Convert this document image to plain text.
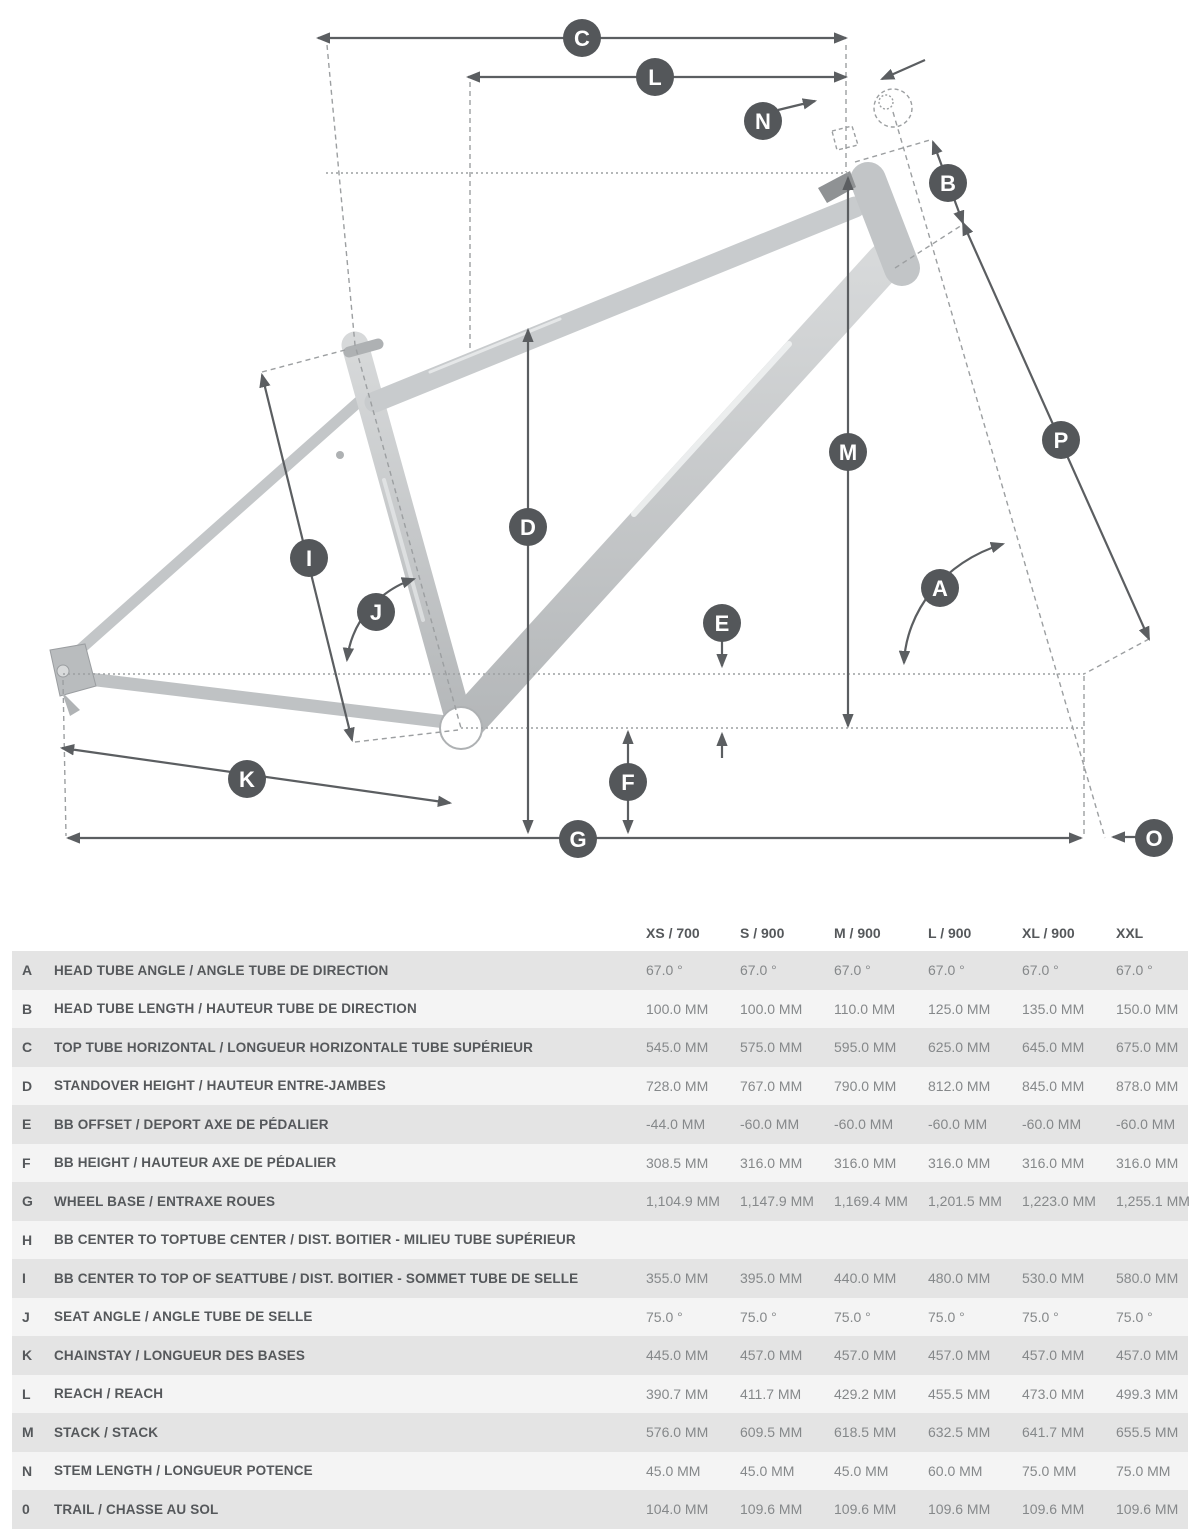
C
L
N
B
P
M
D
A
I
J	E
K	F
G	O
XS / 700	S / 900	M / 900	L / 900	XL / 900	XXL
A	HEAD TUBE ANGLE / ANGLE TUBE DE DIRECTION	67.0 °	67.0 °	67.0 °	67.0 °	67.0 °	67.0 °
B	HEAD TUBE LENGTH / HAUTEUR TUBE DE DIRECTION	100.0 MM	100.0 MM	110.0 MM	125.0 MM	135.0 MM	150.0 MM
C	TOP TUBE HORIZONTAL / LONGUEUR HORIZONTALE TUBE SUPÉRIEUR	545.0 MM	575.0 MM	595.0 MM	625.0 MM	645.0 MM	675.0 MM
D	STANDOVER HEIGHT / HAUTEUR ENTRE-JAMBES	728.0 MM	767.0 MM	790.0 MM	812.0 MM	845.0 MM	878.0 MM
E	BB OFFSET / DEPORT AXE DE PÉDALIER	-44.0 MM	-60.0 MM	-60.0 MM	-60.0 MM	-60.0 MM	-60.0 MM
F	BB HEIGHT / HAUTEUR AXE DE PÉDALIER	308.5 MM	316.0 MM	316.0 MM	316.0 MM	316.0 MM	316.0 MM
G	WHEEL BASE / ENTRAXE ROUES	1,104.9 MM	1,147.9 MM	1,169.4 MM	1,201.5 MM	1,223.0 MM	1,255.1 MM
H	BB CENTER TO TOPTUBE CENTER / DIST. BOITIER - MILIEU TUBE SUPÉRIEUR
I	BB CENTER TO TOP OF SEATTUBE / DIST. BOITIER - SOMMET TUBE DE SELLE	355.0 MM	395.0 MM	440.0 MM	480.0 MM	530.0 MM	580.0 MM
J	SEAT ANGLE / ANGLE TUBE DE SELLE	75.0 °	75.0 °	75.0 °	75.0 °	75.0 °	75.0 °
K	CHAINSTAY / LONGUEUR DES BASES	445.0 MM	457.0 MM	457.0 MM	457.0 MM	457.0 MM	457.0 MM
L	REACH / REACH	390.7 MM	411.7 MM	429.2 MM	455.5 MM	473.0 MM	499.3 MM
M	STACK / STACK	576.0 MM	609.5 MM	618.5 MM	632.5 MM	641.7 MM	655.5 MM
N	STEM LENGTH / LONGUEUR POTENCE	45.0 MM	45.0 MM	45.0 MM	60.0 MM	75.0 MM	75.0 MM
0	TRAIL / CHASSE AU SOL	104.0 MM	109.6 MM	109.6 MM	109.6 MM	109.6 MM	109.6 MM
